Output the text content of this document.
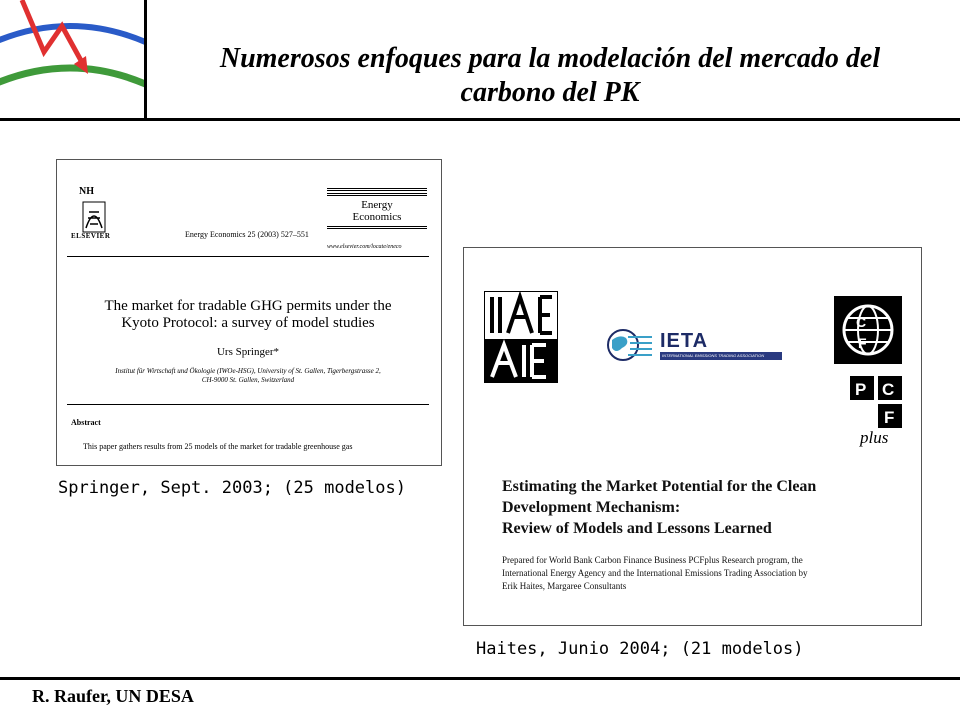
Numerosos enfoques para la modelación del mercado del
carbono del PK
NH
ELSEVIER	Energy Economics 25 (2003) 527–551
Energy
Economics
www.elsevier.com/locate/eneco
The market for tradable GHG permits under the
Kyoto Protocol: a survey of model studies
Urs Springer*
Institut für Wirtschaft und Ökologie (IWOe-HSG), University of St. Gallen, Tigerbergstrasse 2,
CH-9000 St. Gallen, Switzerland
Abstract
This paper gathers results from 25 models of the market for tradable greenhouse gas
Springer, Sept. 2003; (25 modelos)
IETA
INTERNATIONAL EMISSIONS TRADING ASSOCIATION
C
F
P C
F
plus
Estimating the Market Potential for the Clean
Development Mechanism:
Review of Models and Lessons Learned
Prepared for World Bank Carbon Finance Business PCFplus Research program, the
International Energy Agency and the International Emissions Trading Association by
Erik Haites, Margaree Consultants
Haites, Junio 2004; (21 modelos)
R. Raufer, UN DESA
